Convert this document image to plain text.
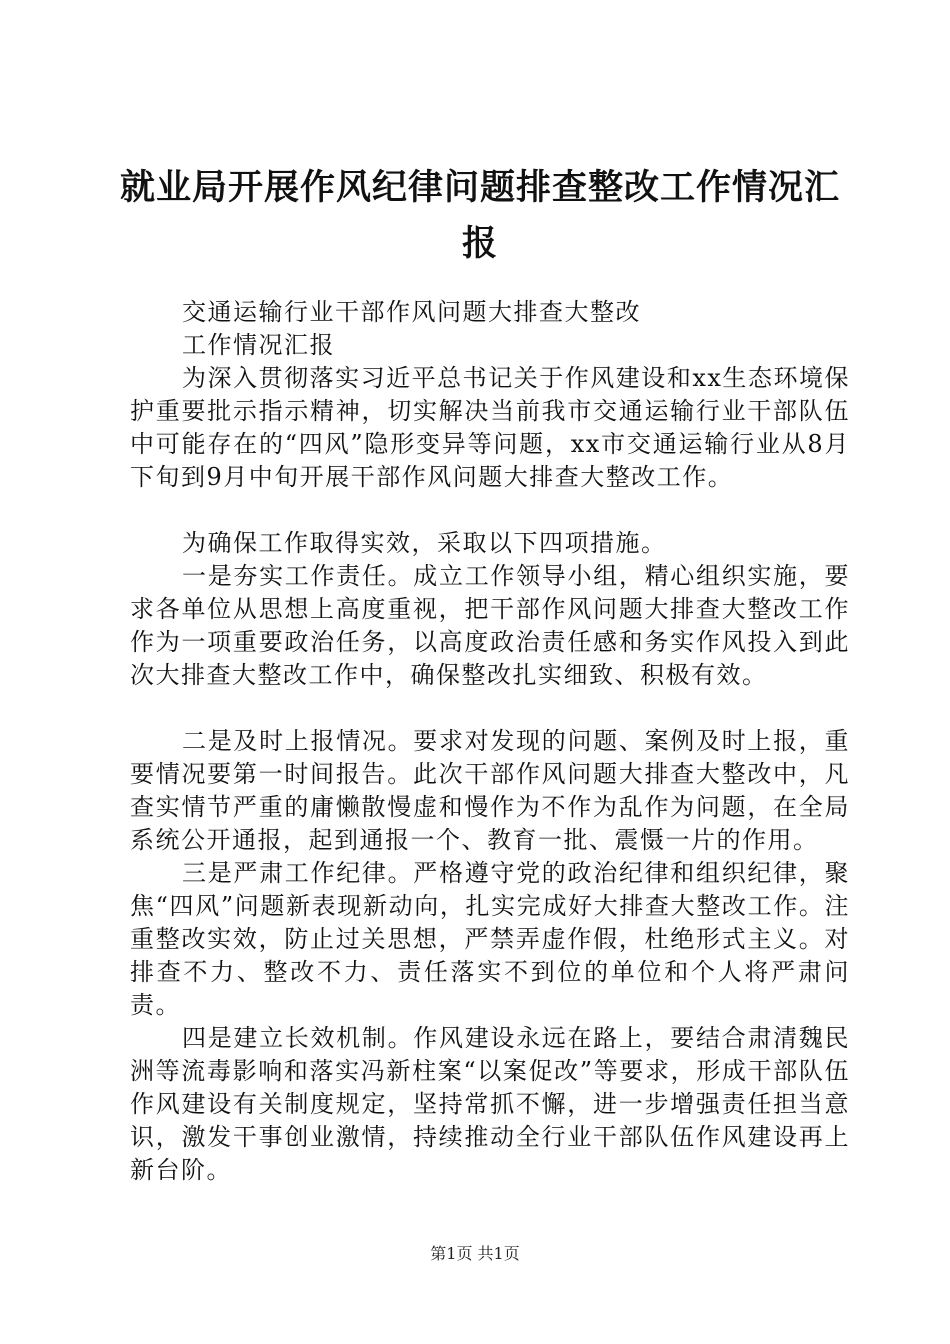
就业局开展作风纪律问题排查整改工作情况汇报

交通运输行业干部作风问题大排查大整改

工作情况汇报

为深入贯彻落实习近平总书记关于作风建设和xx生态环境保护重要批示指示精神，切实解决当前我市交通运输行业干部队伍中可能存在的“四风”隐形变异等问题，xx市交通运输行业从8月下旬到9月中旬开展干部作风问题大排查大整改工作。

为确保工作取得实效，采取以下四项措施。

一是夯实工作责任。成立工作领导小组，精心组织实施，要求各单位从思想上高度重视，把干部作风问题大排查大整改工作作为一项重要政治任务，以高度政治责任感和务实作风投入到此次大排查大整改工作中，确保整改扎实细致、积极有效。

二是及时上报情况。要求对发现的问题、案例及时上报，重要情况要第一时间报告。此次干部作风问题大排查大整改中，凡查实情节严重的庸懒散慢虚和慢作为不作为乱作为问题，在全局系统公开通报，起到通报一个、教育一批、震慑一片的作用。

三是严肃工作纪律。严格遵守党的政治纪律和组织纪律，聚焦“四风”问题新表现新动向，扎实完成好大排查大整改工作。注重整改实效，防止过关思想，严禁弄虚作假，杜绝形式主义。对排查不力、整改不力、责任落实不到位的单位和个人将严肃问责。

四是建立长效机制。作风建设永远在路上，要结合肃清魏民洲等流毒影响和落实冯新柱案“以案促改”等要求，形成干部队伍作风建设有关制度规定，坚持常抓不懈，进一步增强责任担当意识，激发干事创业激情，持续推动全行业干部队伍作风建设再上新台阶。

第1页 共1页
